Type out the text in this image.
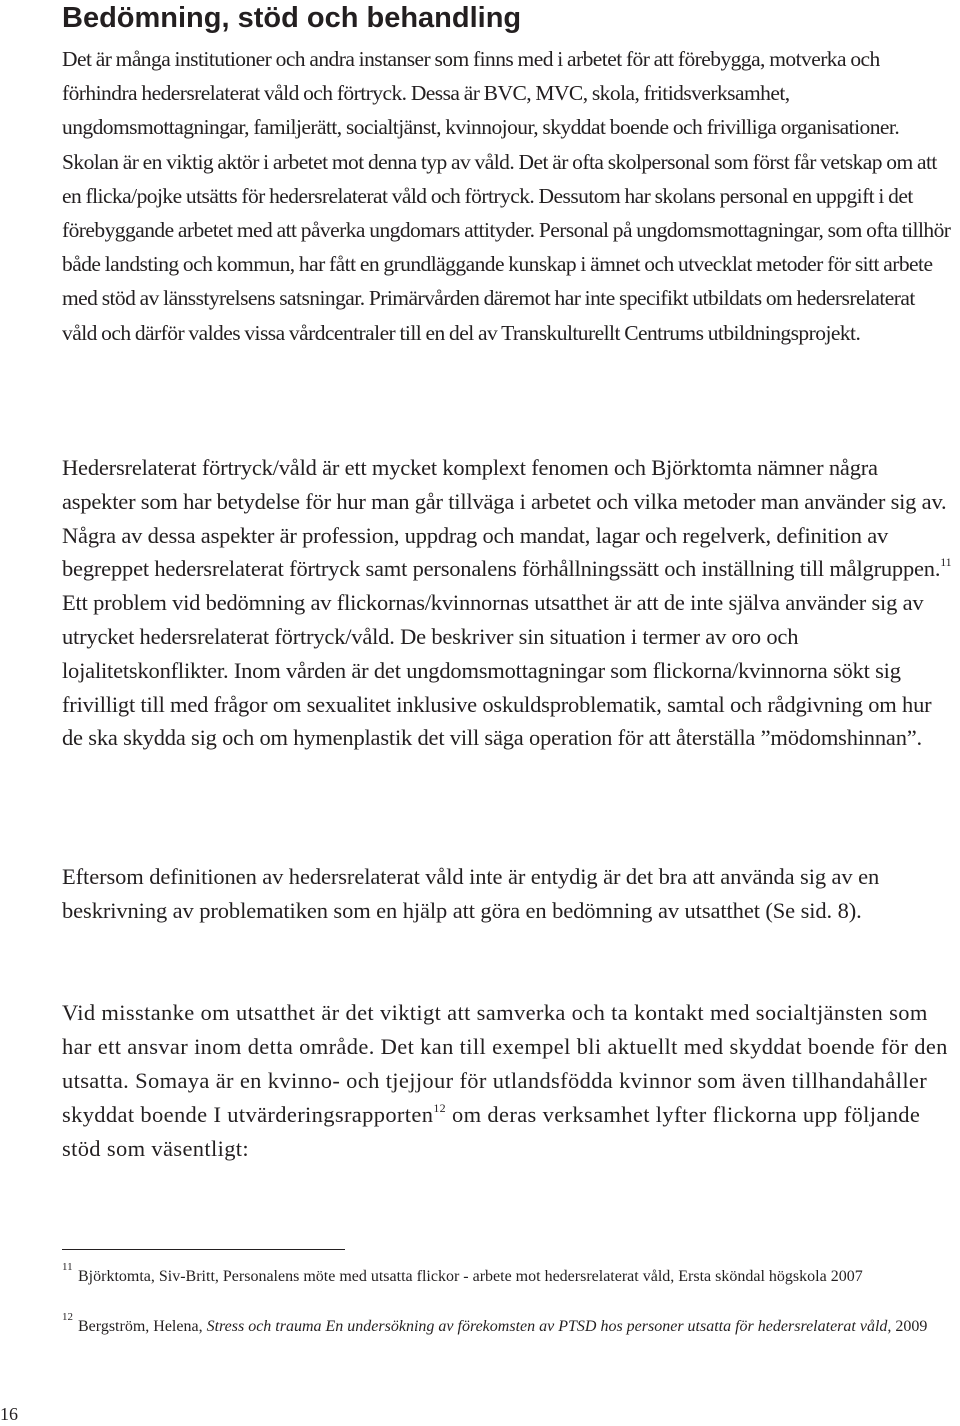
Bedömning, stöd och behandling

Det är många institutioner och andra instanser som finns med i arbetet för att förebygga, motverka och förhindra hedersrelaterat våld och förtryck. Dessa är BVC, MVC, skola, fritidsverksamhet, ungdomsmottagningar, familjerätt, socialtjänst, kvinnojour, skyddat boende och frivilliga organisationer. Skolan är en viktig aktör i arbetet mot denna typ av våld. Det är ofta skolpersonal som först får vetskap om att en flicka/pojke utsätts för hedersrelaterat våld och förtryck. Dessutom har skolans personal en uppgift i det förebyggande arbetet med att påverka ungdomars attityder. Personal på ungdomsmottagningar, som ofta tillhör både landsting och kommun, har fått en grundläggande kunskap i ämnet och utvecklat metoder för sitt arbete med stöd av länsstyrelsens satsningar. Primärvården däremot har inte specifikt utbildats om hedersrelaterat våld och därför valdes vissa vårdcentraler till en del av Transkulturellt Centrums utbildningsprojekt.

Hedersrelaterat förtryck/våld är ett mycket komplext fenomen och Björktomta nämner några aspekter som har betydelse för hur man går tillväga i arbetet och vilka metoder man använder sig av. Några av dessa aspekter är profession, uppdrag och mandat, lagar och regelverk, definition av begreppet hedersrelaterat förtryck samt personalens förhållningssätt och inställning till målgruppen.$^{11}$
Ett problem vid bedömning av flickornas/kvinnornas utsatthet är att de inte själva använder sig av utrycket hedersrelaterat förtryck/våld. De beskriver sin situation i termer av oro och lojalitetskonflikter. Inom vården är det ungdomsmottagningar som flickorna/kvinnorna sökt sig frivilligt till med frågor om sexualitet inklusive oskuldsproblematik, samtal och rådgivning om hur de ska skydda sig och om hymenplastik det vill säga operation för att återställa ”mödomshinnan”.

Eftersom definitionen av hedersrelaterat våld inte är entydig är det bra att använda sig av en beskrivning av problematiken som en hjälp att göra en bedömning av utsatthet (Se sid. 8).

Vid misstanke om utsatthet är det viktigt att samverka och ta kontakt med socialtjänsten som har ett ansvar inom detta område. Det kan till exempel bli aktuellt med skyddat boende för den utsatta. Somaya är en kvinno- och tjejjour för utlandsfödda kvinnor som även tillhandahåller skyddat boende I utvärderingsrapporten$^{12}$ om deras verksamhet lyfter flickorna upp följande stöd som väsentligt:

11
Björktomta, Siv-Britt, Personalens möte med utsatta flickor - arbete mot hedersrelaterat våld, Ersta sköndal högskola 2007
12
Bergström, Helena, Stress och trauma En undersökning av förekomsten av PTSD hos personer utsatta för hedersrelaterat våld, 2009
16
